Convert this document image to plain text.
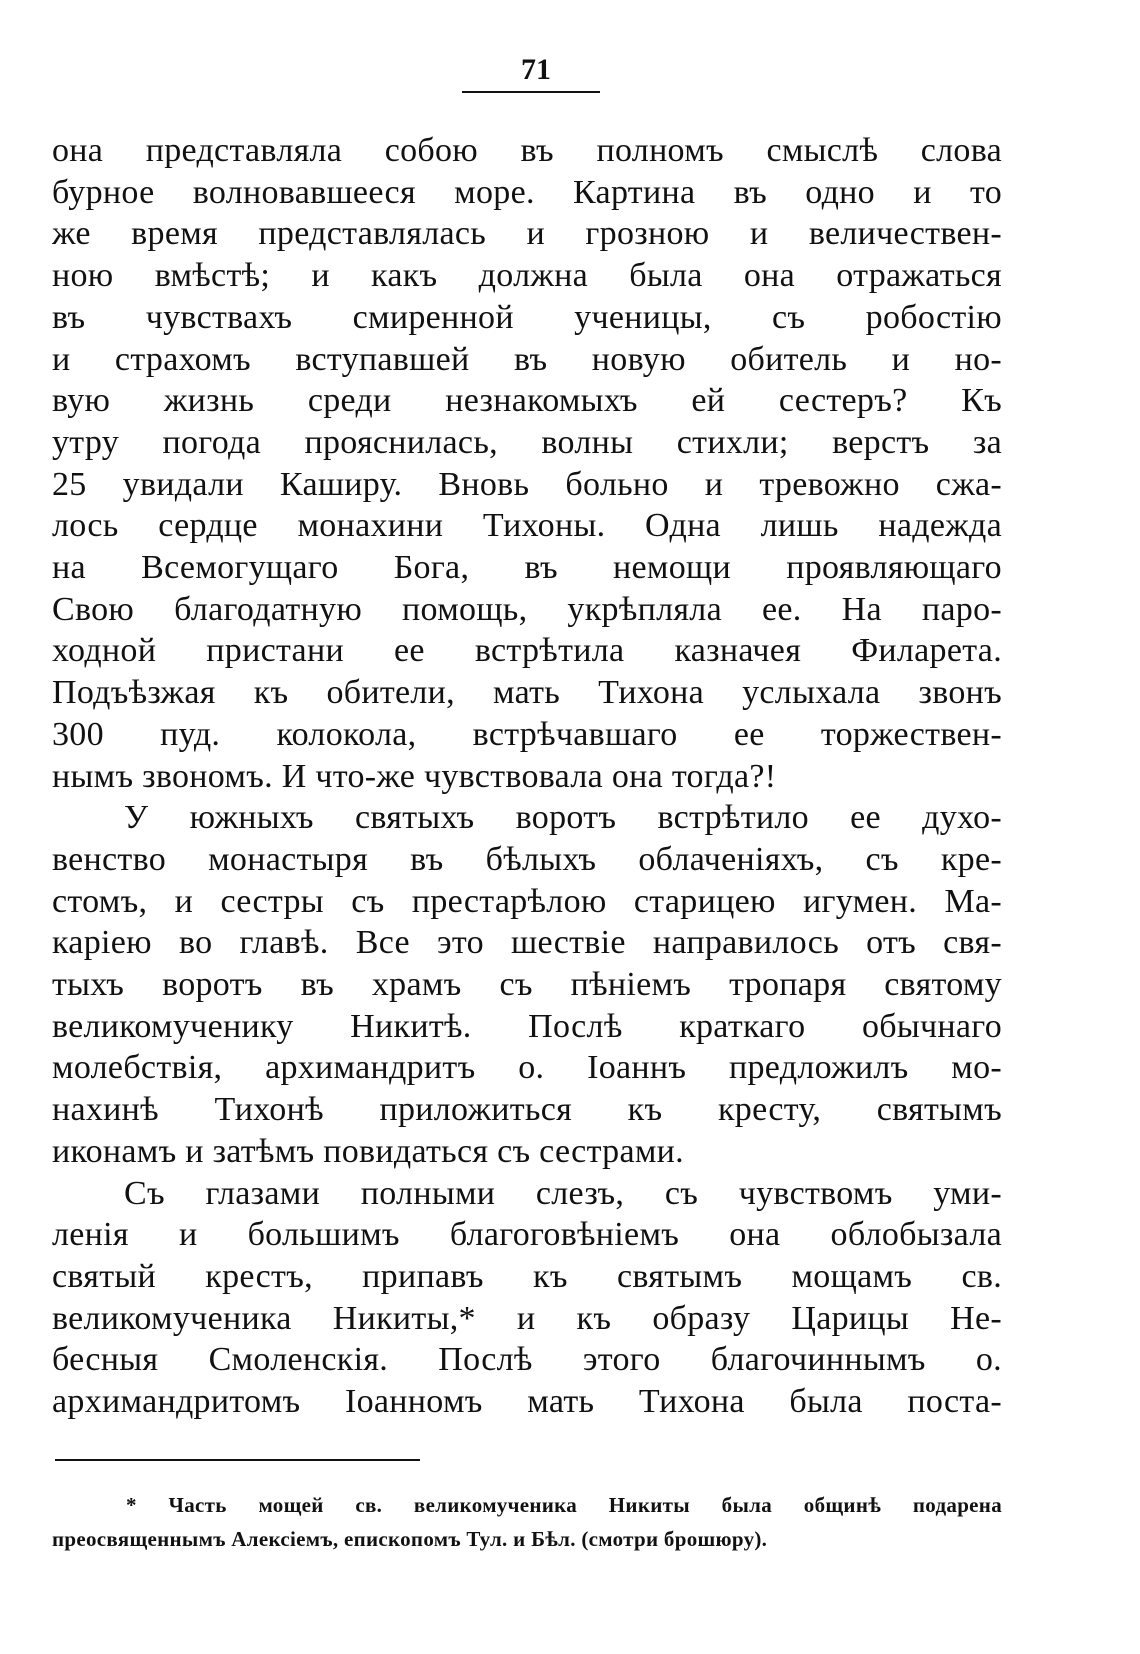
71
она представляла собою въ полномъ смыслѣ слова
бурное волновавшееся море. Картина въ одно и то
же время представлялась и грозною и величествен-
ною вмѣстѣ; и какъ должна была она отражаться
въ чувствахъ смиренной ученицы, съ робостію
и страхомъ вступавшей въ новую обитель и но-
вую жизнь среди незнакомыхъ ей сестеръ? Къ
утру погода прояснилась, волны стихли; верстъ за
25 увидали Каширу. Вновь больно и тревожно сжа-
лось сердце монахини Тихоны. Одна лишь надежда
на Всемогущаго Бога, въ немощи проявляющаго
Свою благодатную помощь, укрѣпляла ее. На паро-
ходной пристани ее встрѣтила казначея Филарета.
Подъѣзжая къ обители, мать Тихона услыхала звонъ
300 пуд. колокола, встрѣчавшаго ее торжествен-
нымъ звономъ. И что-же чувствовала она тогда?!
У южныхъ святыхъ воротъ встрѣтило ее духо-
венство монастыря въ бѣлыхъ облаченіяхъ, съ кре-
стомъ, и сестры съ престарѣлою старицею игумен. Ма-
каріею во главѣ. Все это шествіе направилось отъ свя-
тыхъ воротъ въ храмъ съ пѣніемъ тропаря святому
великомученику Никитѣ. Послѣ краткаго обычнаго
молебствія, архимандритъ о. Іоаннъ предложилъ мо-
нахинѣ Тихонѣ приложиться къ кресту, святымъ
иконамъ и затѣмъ повидаться съ сестрами.
Съ глазами полными слезъ, съ чувствомъ уми-
ленія и большимъ благоговѣніемъ она облобызала
святый крестъ, припавъ къ святымъ мощамъ св.
великомученика Никиты,* и къ образу Царицы Не-
бесныя Смоленскія. Послѣ этого благочиннымъ о.
архимандритомъ Іоанномъ мать Тихона была поста-
* Часть мощей св. великомученика Никиты была общинѣ подарена
преосвященнымъ Алексіемъ, епископомъ Тул. и Бѣл. (смотри брошюру).
